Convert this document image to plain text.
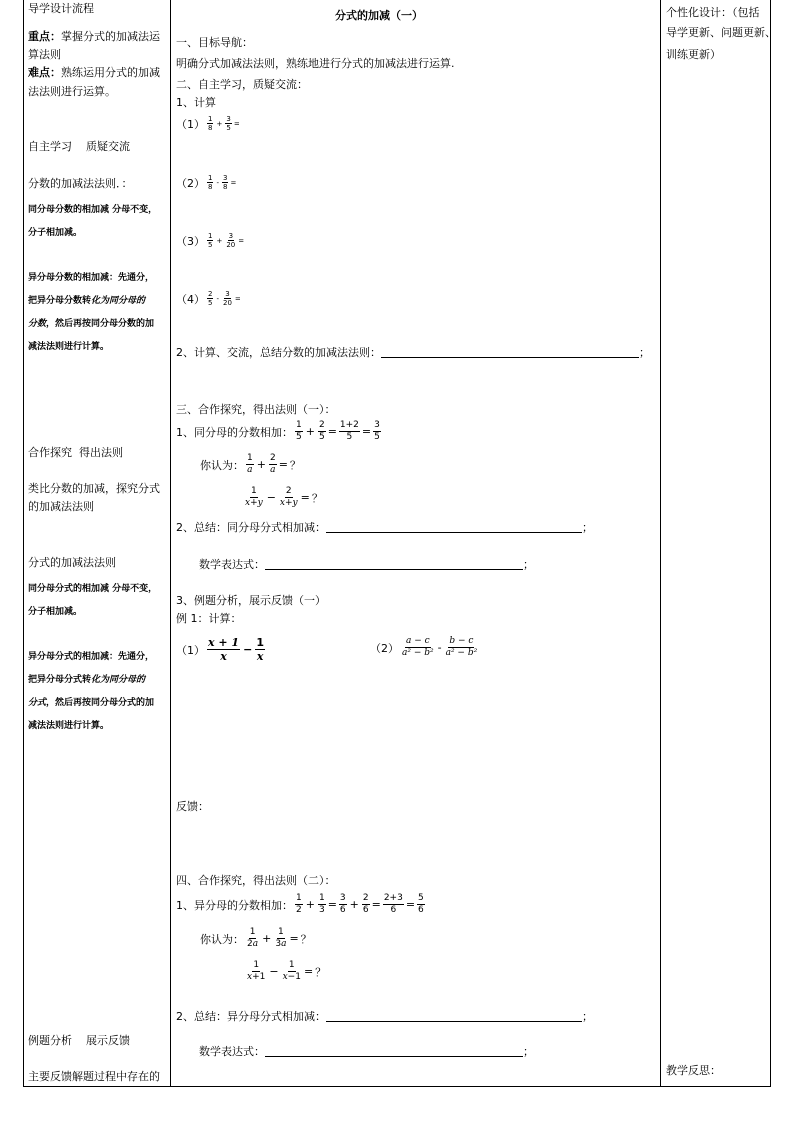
导学设计流程
重点：掌握分式的加减法运
算法则
难点：熟练运用分式的加减
法法则进行运算。
自主学习    质疑交流
分数的加减法法则．：
同分母分数的相加减 分母不变，
分子相加减。
异分母分数的相加减：先通分，
把异分母分数转化为同分母的
分数，然后再按同分母分数的加
减法法则进行计算。
合作探究  得出法则
类比分数的加减，探究分式
的加减法法则
分式的加减法法则
同分母分式的相加减 分母不变，
分子相加减。
异分母分式的相加减：先通分，
把异分母分式转化为同分母的
分式，然后再按同分母分式的加
减法法则进行计算。
例题分析    展示反馈
主要反馈解题过程中存在的
分式的加减（一）
一、目标导航：
明确分式加减法法则，熟练地进行分式的加减法进行运算.
二、自主学习，质疑交流：
1、计算
$(1) \frac{1}{8} + \frac{3}{5}$ =
$(2) \frac{1}{8} - \frac{3}{8}$ =
$(3) \frac{1}{5} + \frac{3}{20}$ =
$(4) \frac{2}{5} - \frac{3}{20}$ =
2、计算、交流，总结分数的加减法法则：	；
三、合作探究，得出法则（一）：
1、同分母的分数相加： $\frac{1}{5} + \frac{2}{5} = \frac{1+2}{5} = \frac{3}{5}$
你认为： $\frac{1}{a} + \frac{2}{a}$ = ？
$\frac{1}{x+y} - \frac{2}{x+y}$ = ？
2、总结：同分母分式相加减：	；
数学表达式：	；
3、例题分析，展示反馈（一）
例 1：计算：
$(1) \frac{x + 1}{x} - \frac{1}{x}$	$(2) \frac{a - c}{\text{a² − b²}} - \frac{b - c}{\text{a² − b²}}$
反馈：
四、合作探究，得出法则（二）：
1、异分母的分数相加： $\frac{1}{2} + \frac{1}{3} = \frac{3}{6} + \frac{2}{6} = \frac{2+3}{6} = \frac{5}{6}$
你认为： $\frac{1}{2a} + \frac{1}{3a}$ = ？
$\frac{1}{x+1} - \frac{1}{x-1}$ = ？
2、总结：异分母分式相加减：	；
数学表达式：	；
个性化设计：（包括
导学更新、问题更新、
训练更新）
教学反思：
